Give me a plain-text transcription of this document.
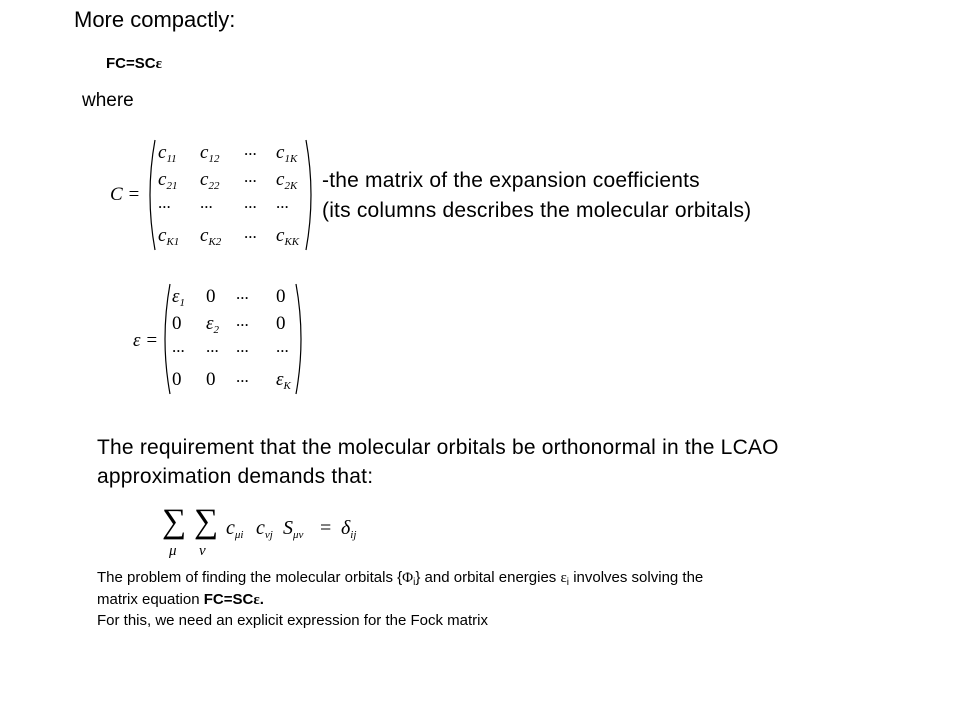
More compactly:
FC=SCε
where
C =
$c_{11}$ $c_{12}$ ... $c_{1K}$
$c_{21}$ $c_{22}$ ... $c_{2K}$
... ... ... ...
$c_{K1}$ $c_{K2}$ ... $c_{KK}$
-the matrix of the expansion coefficients
(its columns describes the molecular orbitals)
ε =
$\varepsilon_1$ 0 ... 0
0 $\varepsilon_2$ ... 0
... ... ... ...
0 0 ... $\varepsilon_K$
The requirement that the molecular orbitals be orthonormal in the LCAO
approximation demands that:
∑ ∑
μ ν
$c_{\mu i}$ $c_{\nu j}$ $S_{\mu\nu} = \delta_{ij}$
The problem of finding the molecular orbitals $\{\Phi_i\}$ and orbital energies $\varepsilon_i$ involves solving the
matrix equation FC=SCε.
For this, we need an explicit expression for the Fock matrix
